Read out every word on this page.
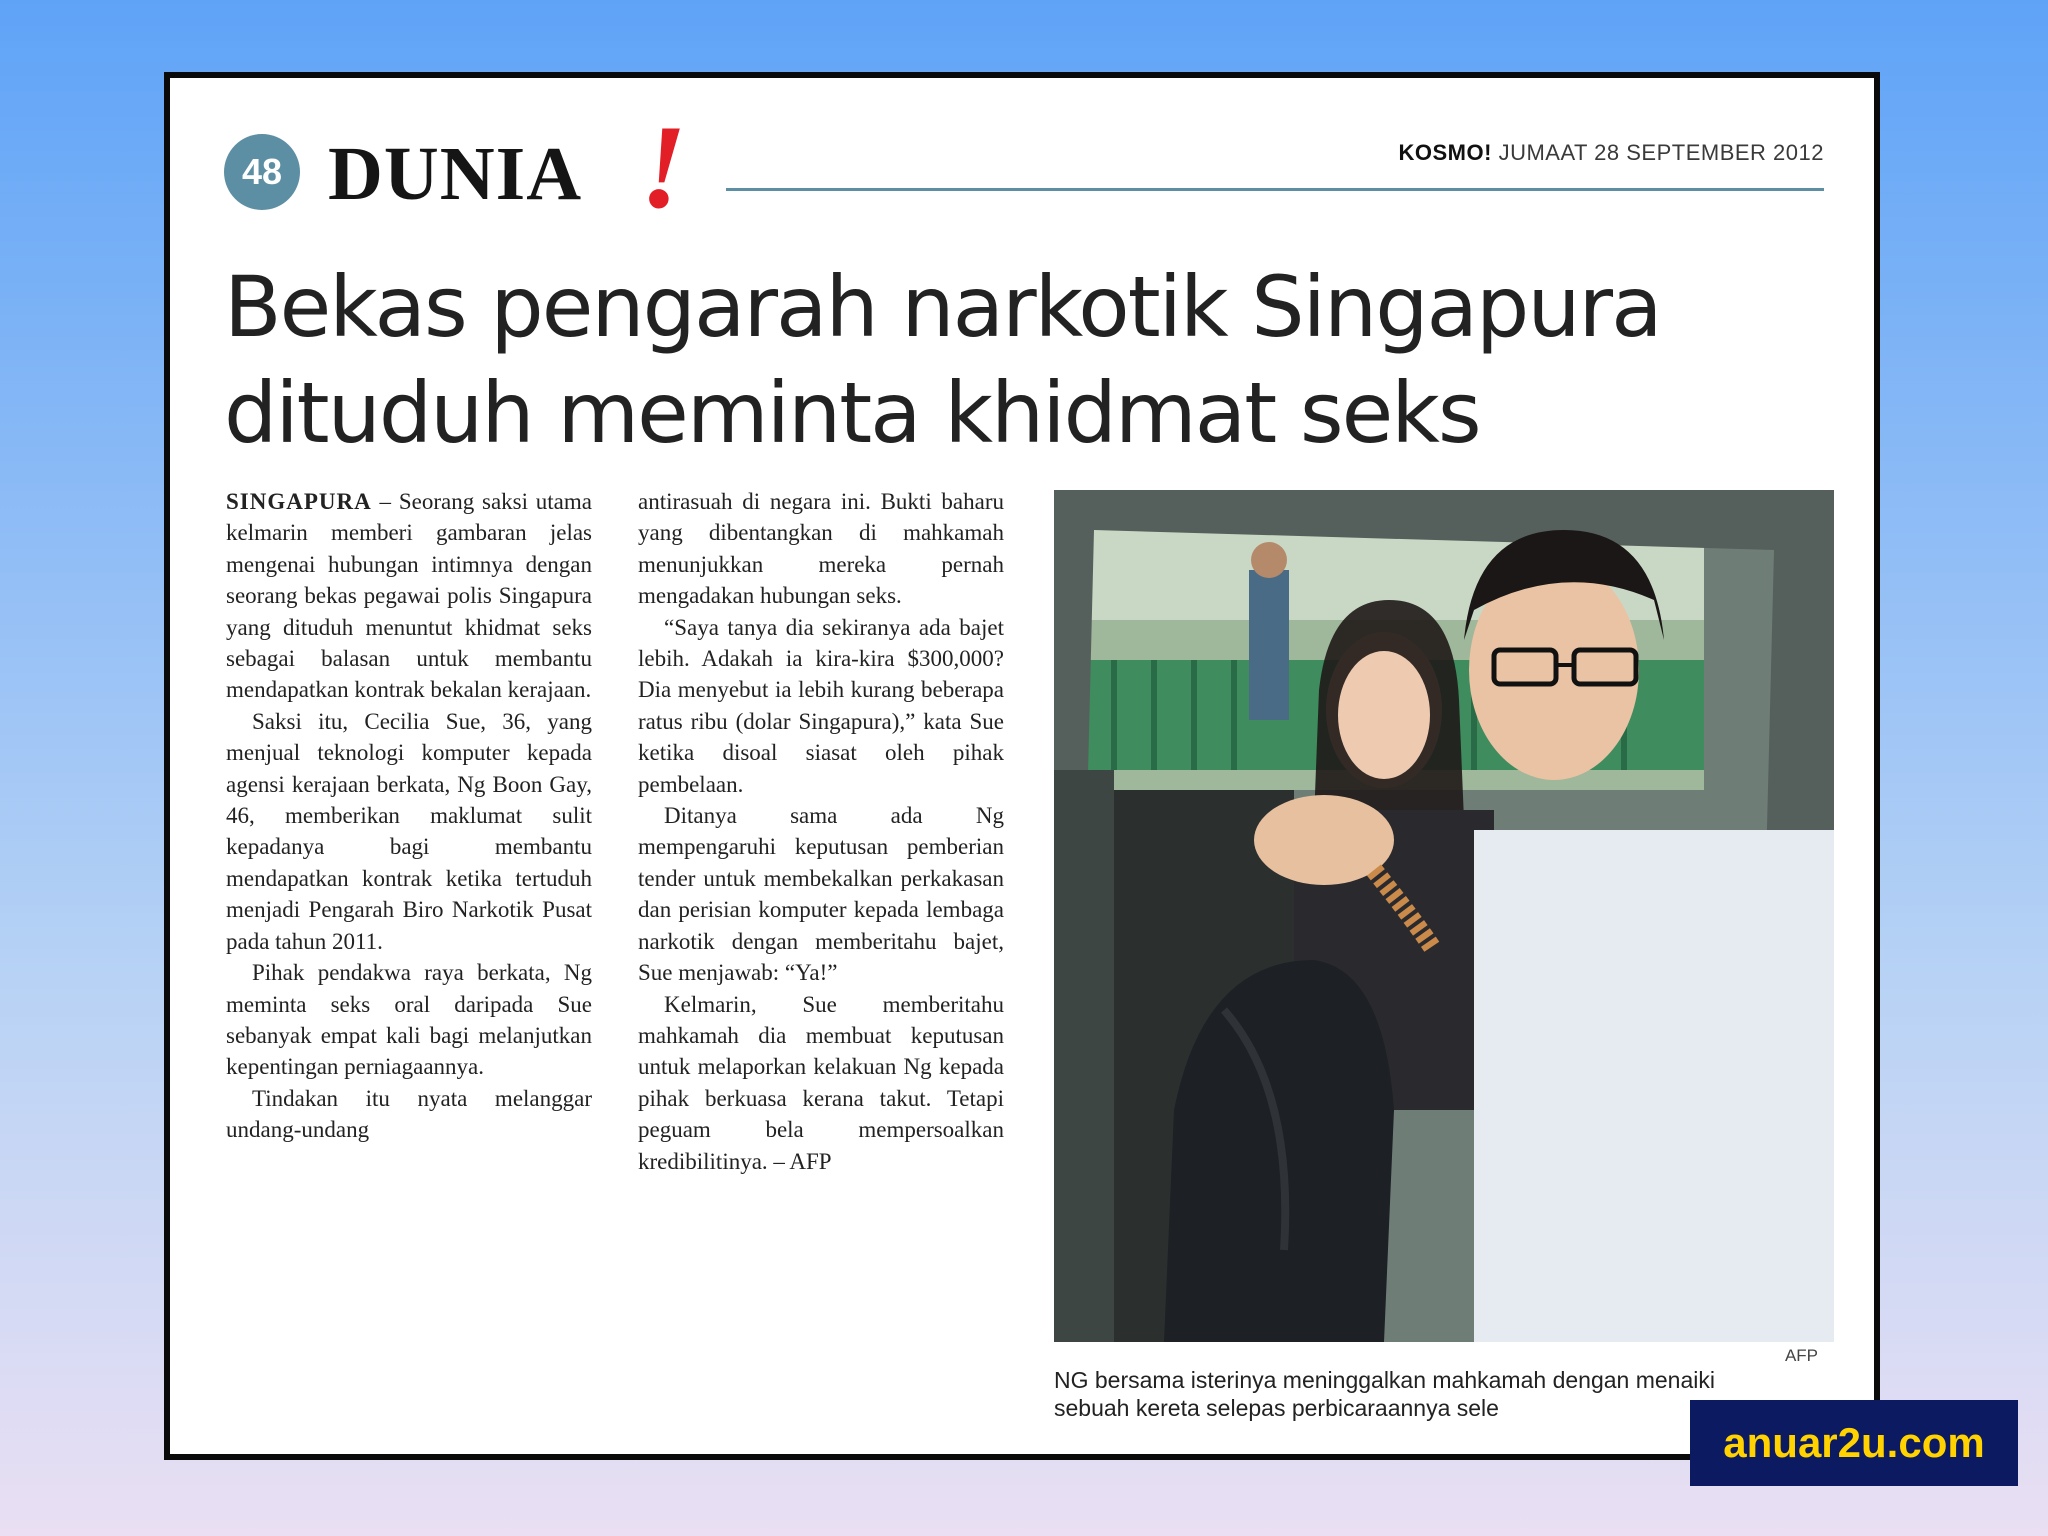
48 DUNIA !	KOSMO! JUMAAT 28 SEPTEMBER 2012
Bekas pengarah narkotik Singapura
dituduh meminta khidmat seks

SINGAPURA – Seorang saksi utama kelmarin memberi gambaran jelas mengenai hubungan intimnya dengan seorang bekas pegawai polis Singapura yang dituduh menuntut khidmat seks sebagai balasan untuk membantu mendapatkan kontrak bekalan kerajaan.

Saksi itu, Cecilia Sue, 36, yang menjual teknologi komputer kepada agensi kerajaan berkata, Ng Boon Gay, 46, memberikan maklumat sulit kepadanya bagi membantu mendapatkan kontrak ketika tertuduh menjadi Pengarah Biro Narkotik Pusat pada tahun 2011.

Pihak pendakwa raya berkata, Ng meminta seks oral daripada Sue sebanyak empat kali bagi melanjutkan kepentingan perniagaannya.

Tindakan itu nyata melanggar undang-undang

antirasuah di negara ini. Bukti baharu yang dibentangkan di mahkamah menunjukkan mereka pernah mengadakan hubungan seks.

“Saya tanya dia sekiranya ada bajet lebih. Adakah ia kira-kira $300,000? Dia menyebut ia lebih kurang beberapa ratus ribu (dolar Singapura),” kata Sue ketika disoal siasat oleh pihak pembelaan.

Ditanya sama ada Ng mempengaruhi keputusan pemberian tender untuk membekalkan perkakasan dan perisian komputer kepada lembaga narkotik dengan memberitahu bajet, Sue menjawab: “Ya!”

Kelmarin, Sue memberitahu mahkamah dia membuat keputusan untuk melaporkan kelakuan Ng kepada pihak berkuasa kerana takut. Tetapi peguam bela mempersoalkan kredibilitinya. – AFP

AFP
NG bersama isterinya meninggalkan mahkamah dengan menaiki sebuah kereta selepas perbicaraannya sele
anuar2u.com
